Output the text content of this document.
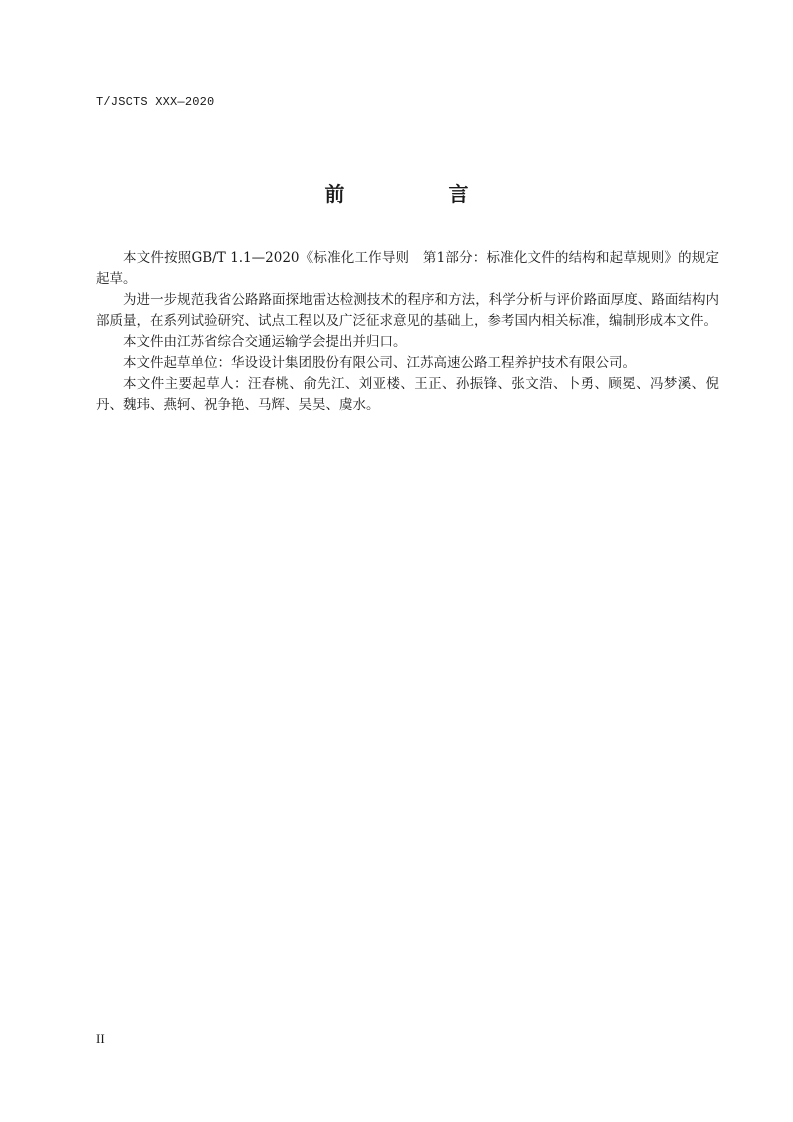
T/JSCTS XXX—2020
前　言

本文件按照GB/T 1.1—2020《标准化工作导则　第1部分：标准化文件的结构和起草规则》的规定起草。

为进一步规范我省公路路面探地雷达检测技术的程序和方法，科学分析与评价路面厚度、路面结构内部质量，在系列试验研究、试点工程以及广泛征求意见的基础上，参考国内相关标准，编制形成本文件。

本文件由江苏省综合交通运输学会提出并归口。

本文件起草单位：华设设计集团股份有限公司、江苏高速公路工程养护技术有限公司。

本文件主要起草人：汪春桃、俞先江、刘亚楼、王正、孙振锋、张文浩、卜勇、顾冕、冯梦溪、倪丹、魏玮、燕轲、祝争艳、马辉、吴昊、虞水。

II
